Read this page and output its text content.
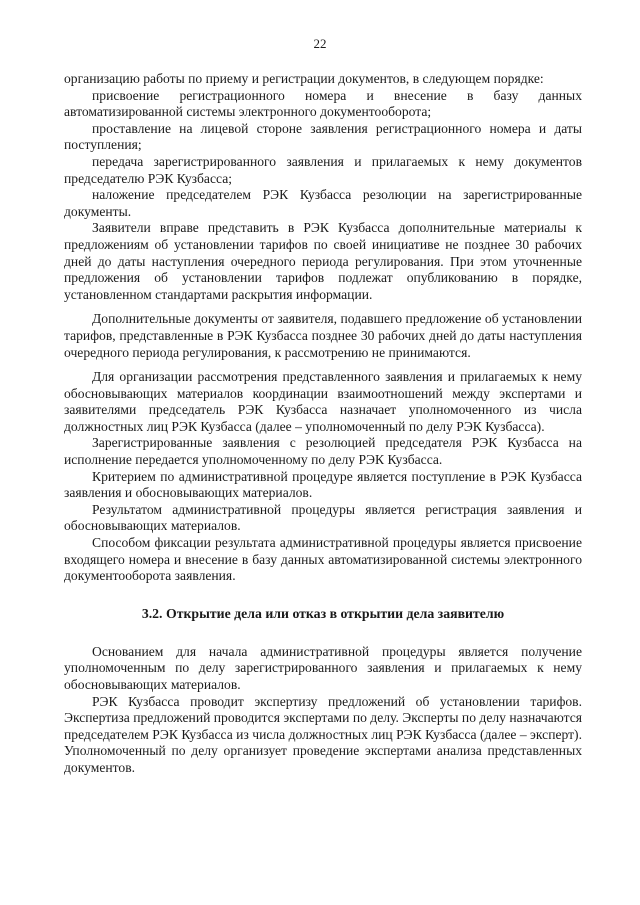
22

организацию работы по приему и регистрации документов, в следующем порядке:

присвоение регистрационного номера и внесение в базу данных автоматизированной системы электронного документооборота;

проставление на лицевой стороне заявления регистрационного номера и даты поступления;

передача зарегистрированного заявления и прилагаемых к нему документов председателю РЭК Кузбасса;

наложение председателем РЭК Кузбасса резолюции на зарегистрированные документы.

Заявители вправе представить в РЭК Кузбасса дополнительные материалы к предложениям об установлении тарифов по своей инициативе не позднее 30 рабочих дней до даты наступления очередного периода регулирования. При этом уточненные предложения об установлении тарифов подлежат опубликованию в порядке, установленном стандартами раскрытия информации.

Дополнительные документы от заявителя, подавшего предложение об установлении тарифов, представленные в РЭК Кузбасса позднее 30 рабочих дней до даты наступления очередного периода регулирования, к рассмотрению не принимаются.

Для организации рассмотрения представленного заявления и прилагаемых к нему обосновывающих материалов координации взаимоотношений между экспертами и заявителями председатель РЭК Кузбасса назначает уполномоченного из числа должностных лиц РЭК Кузбасса (далее – уполномоченный по делу РЭК Кузбасса).

Зарегистрированные заявления с резолюцией председателя РЭК Кузбасса на исполнение передается уполномоченному по делу РЭК Кузбасса.

Критерием по административной процедуре является поступление в РЭК Кузбасса заявления и обосновывающих материалов.

Результатом административной процедуры является регистрация заявления и обосновывающих материалов.

Способом фиксации результата административной процедуры является присвоение входящего номера и внесение в базу данных автоматизированной системы электронного документооборота заявления.

3.2. Открытие дела или отказ в открытии дела заявителю

Основанием для начала административной процедуры является получение уполномоченным по делу зарегистрированного заявления и прилагаемых к нему обосновывающих материалов.

РЭК Кузбасса проводит экспертизу предложений об установлении тарифов. Экспертиза предложений проводится экспертами по делу. Эксперты по делу назначаются председателем РЭК Кузбасса из числа должностных лиц РЭК Кузбасса (далее – эксперт). Уполномоченный по делу организует проведение экспертами анализа представленных документов.
